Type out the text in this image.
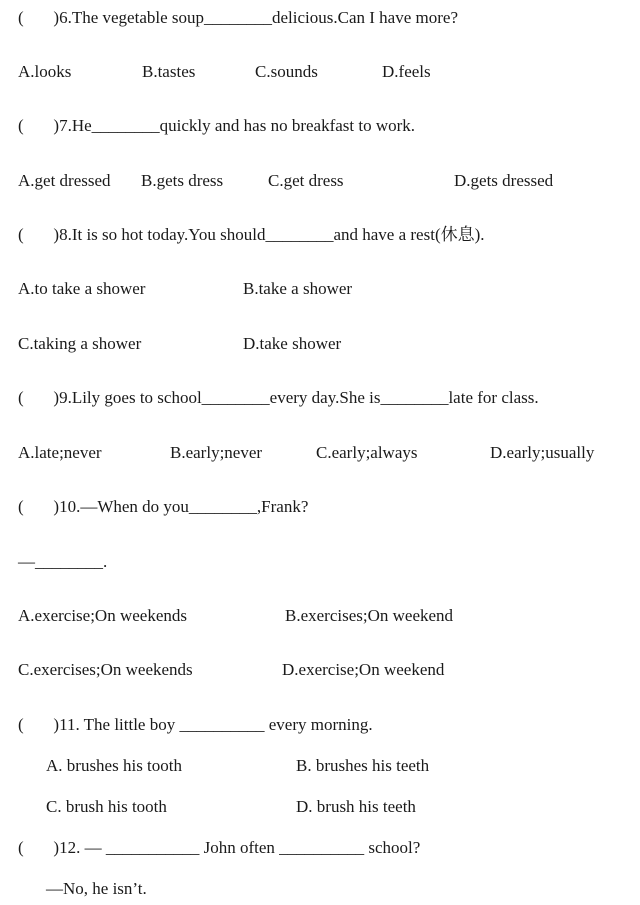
(       )6.The vegetable soup________delicious.Can I have more?
A.looks	B.tastes	C.sounds	D.feels
(       )7.He________quickly and has no breakfast to work.
A.get dressed B.gets dress	C.get dress	D.gets dressed
(       )8.It is so hot today.You should________and have a rest(休息).
A.to take a shower	B.take a shower
C.taking a shower	D.take shower
(       )9.Lily goes to school________every day.She is________late for class.
A.late;never	B.early;never	C.early;always	D.early;usually
(       )10.—When do you________,Frank?
—________.
A.exercise;On weekends	B.exercises;On weekend
C.exercises;On weekends	D.exercise;On weekend
(       )11. The little boy __________ every morning.
A. brushes his tooth	B. brushes his teeth
C. brush his tooth	D. brush his teeth
(       )12. — ___________ John often __________ school?
—No, he isn’t.
